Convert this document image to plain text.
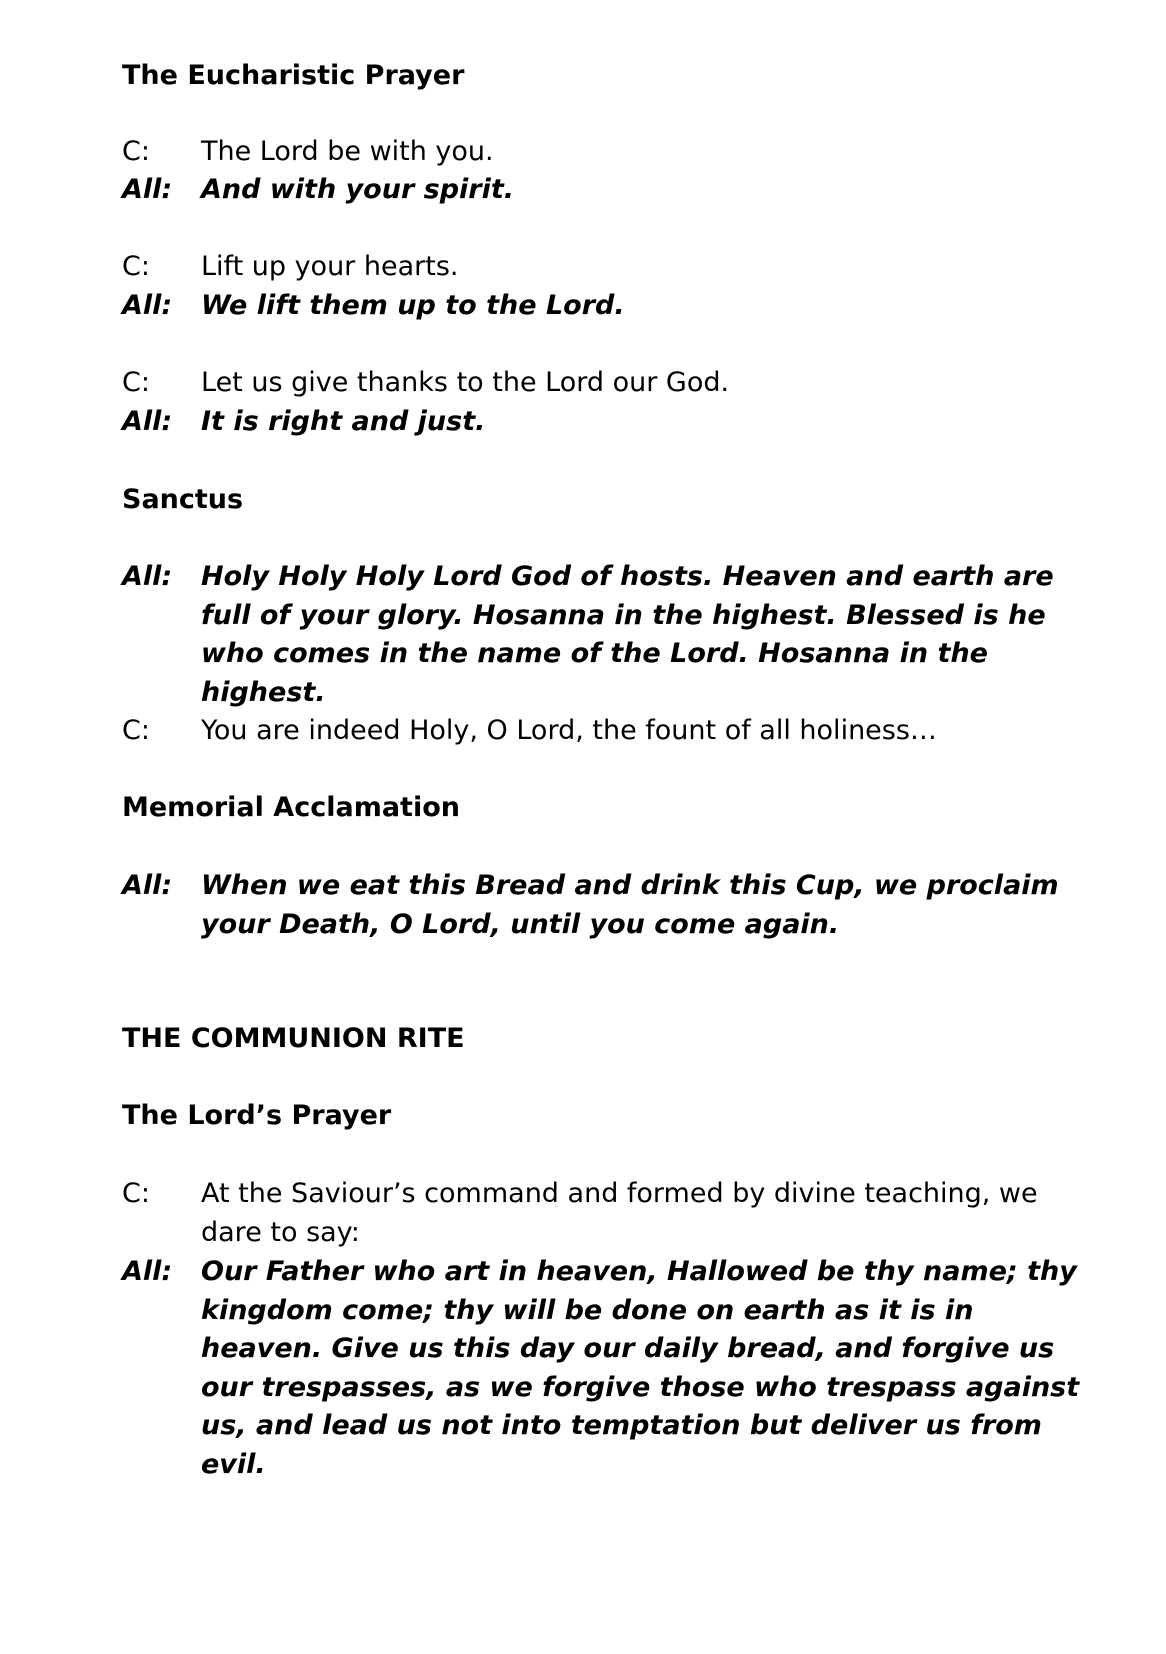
The Eucharistic Prayer
C: The Lord be with you.
All: And with your spirit.
C: Lift up your hearts.
All: We lift them up to the Lord.
C: Let us give thanks to the Lord our God.
All: It is right and just.
Sanctus
All: Holy Holy Holy Lord God of hosts. Heaven and earth are full of your glory. Hosanna in the highest. Blessed is he who comes in the name of the Lord. Hosanna in the highest.
C: You are indeed Holy, O Lord, the fount of all holiness…
Memorial Acclamation
All: When we eat this Bread and drink this Cup, we proclaim your Death, O Lord, until you come again.
THE COMMUNION RITE
The Lord’s Prayer
C: At the Saviour’s command and formed by divine teaching, we dare to say:
All: Our Father who art in heaven, Hallowed be thy name; thy kingdom come; thy will be done on earth as it is in heaven. Give us this day our daily bread, and forgive us our trespasses, as we forgive those who trespass against us, and lead us not into temptation but deliver us from evil.
